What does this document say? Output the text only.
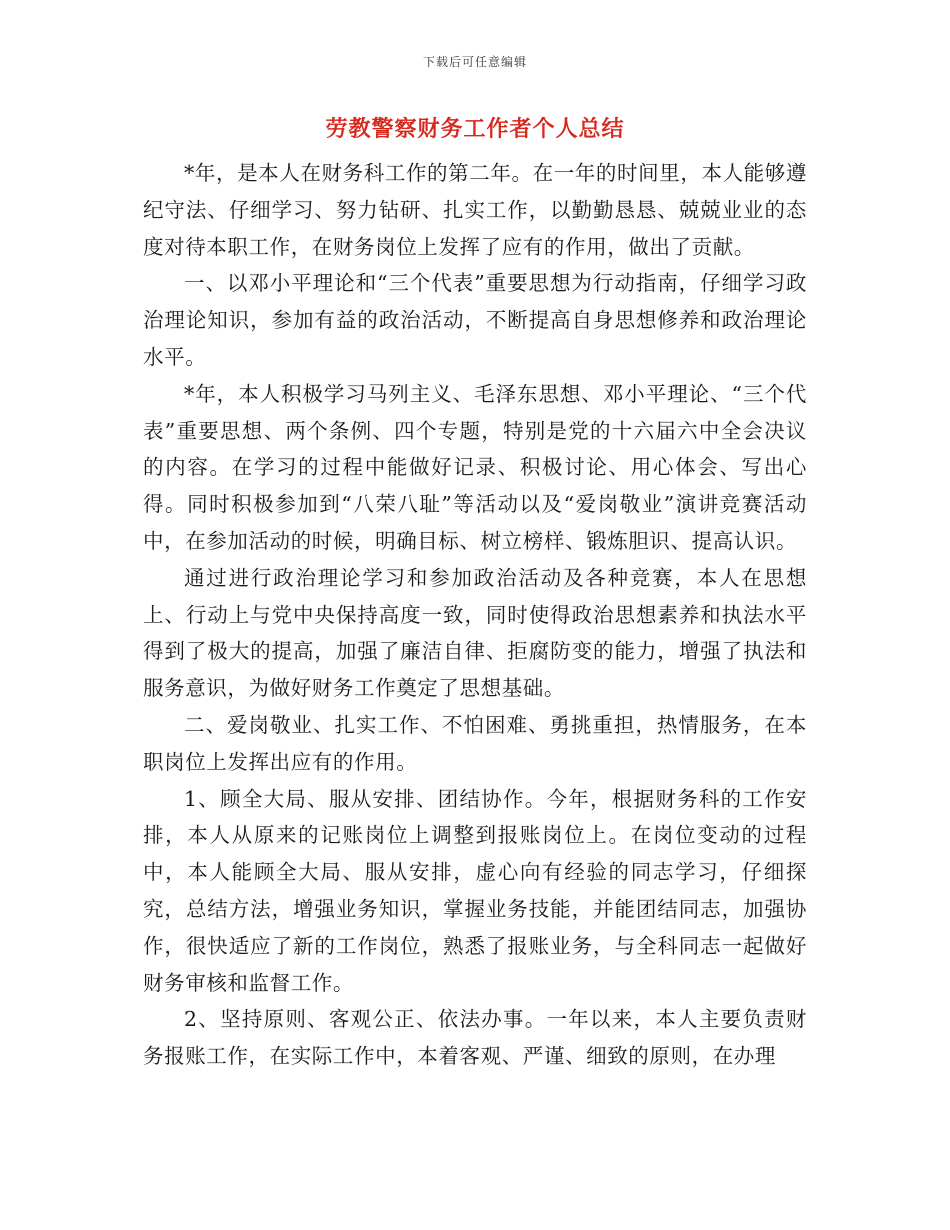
下载后可任意编辑
劳教警察财务工作者个人总结

*年，是本人在财务科工作的第二年。在一年的时间里，本人能够遵纪守法、仔细学习、努力钻研、扎实工作，以勤勤恳恳、兢兢业业的态度对待本职工作，在财务岗位上发挥了应有的作用，做出了贡献。

一、以邓小平理论和“三个代表”重要思想为行动指南，仔细学习政治理论知识，参加有益的政治活动，不断提高自身思想修养和政治理论水平。

*年，本人积极学习马列主义、毛泽东思想、邓小平理论、“三个代表”重要思想、两个条例、四个专题，特别是党的十六届六中全会决议的内容。在学习的过程中能做好记录、积极讨论、用心体会、写出心得。同时积极参加到“八荣八耻”等活动以及“爱岗敬业”演讲竞赛活动中，在参加活动的时候，明确目标、树立榜样、锻炼胆识、提高认识。

通过进行政治理论学习和参加政治活动及各种竞赛，本人在思想上、行动上与党中央保持高度一致，同时使得政治思想素养和执法水平得到了极大的提高，加强了廉洁自律、拒腐防变的能力，增强了执法和服务意识，为做好财务工作奠定了思想基础。

二、爱岗敬业、扎实工作、不怕困难、勇挑重担，热情服务，在本职岗位上发挥出应有的作用。

1、顾全大局、服从安排、团结协作。今年，根据财务科的工作安排，本人从原来的记账岗位上调整到报账岗位上。在岗位变动的过程中，本人能顾全大局、服从安排，虚心向有经验的同志学习，仔细探究，总结方法，增强业务知识，掌握业务技能，并能团结同志，加强协作，很快适应了新的工作岗位，熟悉了报账业务，与全科同志一起做好财务审核和监督工作。

2、坚持原则、客观公正、依法办事。一年以来，本人主要负责财务报账工作，在实际工作中，本着客观、严谨、细致的原则，在办理
